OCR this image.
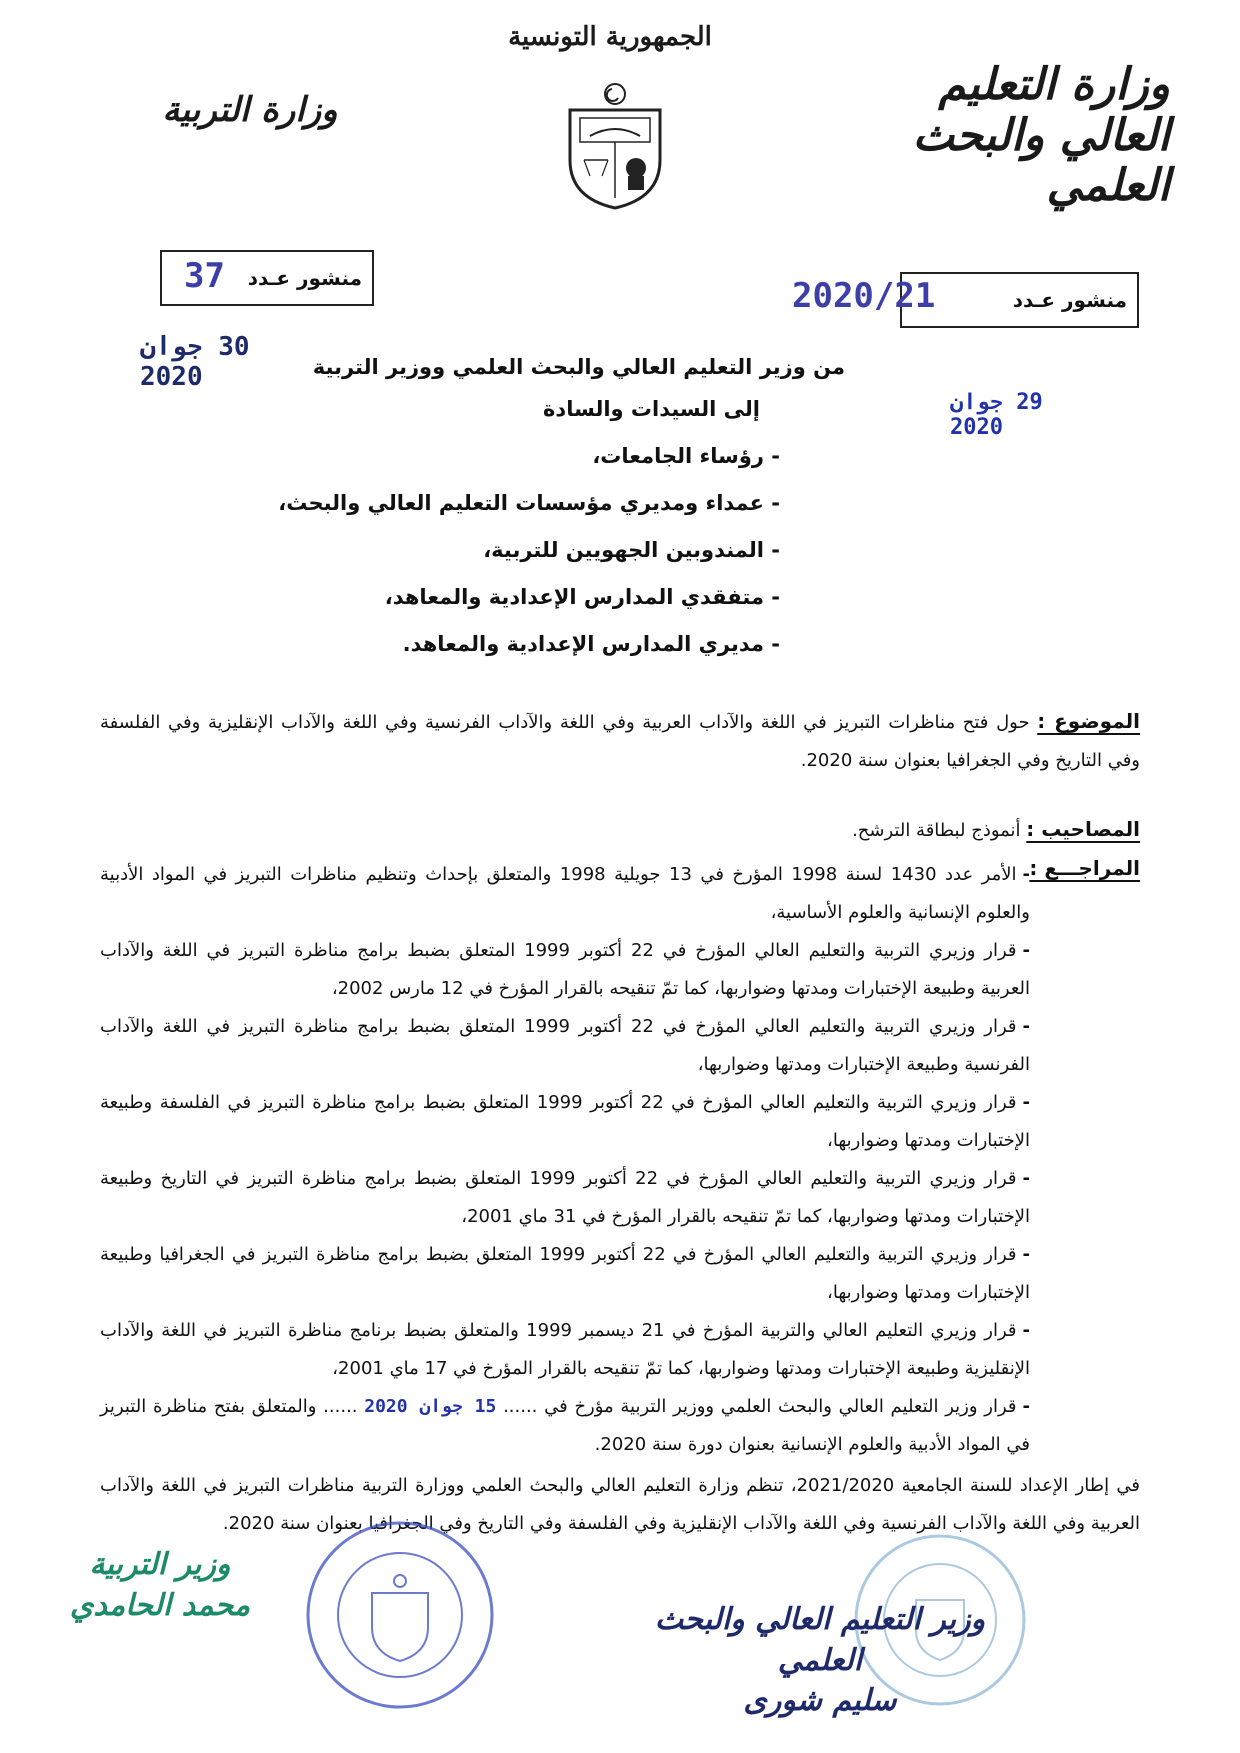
الجمهورية التونسية
وزارة التعليم العالي والبحث العلمي
وزارة التربية
منشور عـدد
37
منشور عـدد
2020/21
30 جوان 2020
29 جوان 2020
من وزير التعليم العالي والبحث العلمي ووزير التربية
إلى السيدات والسادة
- رؤساء الجامعات،
- عمداء ومديري مؤسسات التعليم العالي والبحث،
- المندوبين الجهويين للتربية،
- متفقدي المدارس الإعدادية والمعاهد،
- مديري المدارس الإعدادية والمعاهد.
الموضوع : حول فتح مناظرات التبريز في اللغة والآداب العربية وفي اللغة والآداب الفرنسية وفي اللغة والآداب الإنقليزية وفي الفلسفة وفي التاريخ وفي الجغرافيا بعنوان سنة 2020.
المصاحيب : أنموذج لبطاقة الترشح.
المراجـــع :
-الأمر عدد 1430 لسنة 1998 المؤرخ في 13 جويلية 1998 والمتعلق بإحداث وتنظيم مناظرات التبريز في المواد الأدبية والعلوم الإنسانية والعلوم الأساسية،
-قرار وزيري التربية والتعليم العالي المؤرخ في 22 أكتوبر 1999 المتعلق بضبط برامج مناظرة التبريز في اللغة والآداب العربية وطبيعة الإختبارات ومدتها وضواربها، كما تمّ تنقيحه بالقرار المؤرخ في 12 مارس 2002،
-قرار وزيري التربية والتعليم العالي المؤرخ في 22 أكتوبر 1999 المتعلق بضبط برامج مناظرة التبريز في اللغة والآداب الفرنسية وطبيعة الإختبارات ومدتها وضواربها،
-قرار وزيري التربية والتعليم العالي المؤرخ في 22 أكتوبر 1999 المتعلق بضبط برامج مناظرة التبريز في الفلسفة وطبيعة الإختبارات ومدتها وضواربها،
-قرار وزيري التربية والتعليم العالي المؤرخ في 22 أكتوبر 1999 المتعلق بضبط برامج مناظرة التبريز في التاريخ وطبيعة الإختبارات ومدتها وضواربها، كما تمّ تنقيحه بالقرار المؤرخ في 31 ماي 2001،
-قرار وزيري التربية والتعليم العالي المؤرخ في 22 أكتوبر 1999 المتعلق بضبط برامج مناظرة التبريز في الجغرافيا وطبيعة الإختبارات ومدتها وضواربها،
-قرار وزيري التعليم العالي والتربية المؤرخ في 21 ديسمبر 1999 والمتعلق بضبط برنامج مناظرة التبريز في اللغة والآداب الإنقليزية وطبيعة الإختبارات ومدتها وضواربها، كما تمّ تنقيحه بالقرار المؤرخ في 17 ماي 2001،
-قرار وزير التعليم العالي والبحث العلمي ووزير التربية مؤرخ في ...... 15 جوان 2020 ...... والمتعلق بفتح مناظرة التبريز في المواد الأدبية والعلوم الإنسانية بعنوان دورة سنة 2020.
في إطار الإعداد للسنة الجامعية 2021/2020، تنظم وزارة التعليم العالي والبحث العلمي ووزارة التربية مناظرات التبريز في اللغة والآداب العربية وفي اللغة والآداب الفرنسية وفي اللغة والآداب الإنقليزية وفي الفلسفة وفي التاريخ وفي الجغرافيا بعنوان سنة 2020.
وزير التربية
محمد الحامدي	وزير التعليم العالي والبحث العلمي
سليم شورى
